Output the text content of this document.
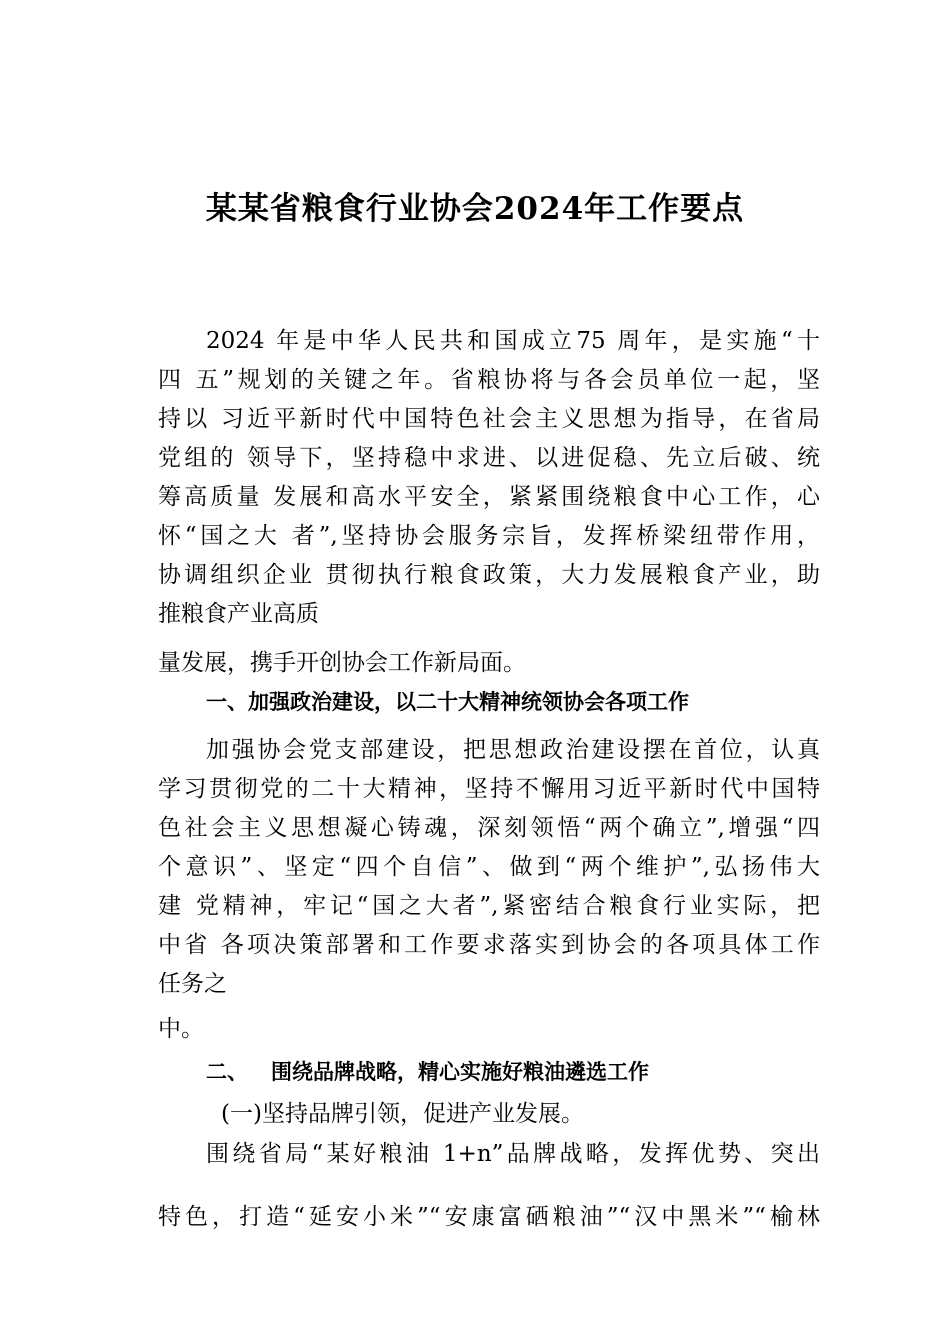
某某省粮食行业协会2024年工作要点
2024 年是中华人民共和国成立75 周年，是实施“十
四 五”规划的关键之年。省粮协将与各会员单位一起，坚
持以 习近平新时代中国特色社会主义思想为指导，在省局
党组的 领导下，坚持稳中求进、以进促稳、先立后破、统
筹高质量 发展和高水平安全，紧紧围绕粮食中心工作，心
怀“国之大 者”,坚持协会服务宗旨，发挥桥梁纽带作用，
协调组织企业 贯彻执行粮食政策，大力发展粮食产业，助
推粮食产业高质
量发展，携手开创协会工作新局面。
一、加强政治建设，以二十大精神统领协会各项工作
加强协会党支部建设，把思想政治建设摆在首位，认真
学习贯彻党的二十大精神，坚持不懈用习近平新时代中国特
色社会主义思想凝心铸魂，深刻领悟“两个确立”,增强“四
个意识”、坚定“四个自信”、做到“两个维护”,弘扬伟大
建 党精神，牢记“国之大者”,紧密结合粮食行业实际，把
中省 各项决策部署和工作要求落实到协会的各项具体工作
任务之
中。
二、 围绕品牌战略，精心实施好粮油遴选工作
(一)坚持品牌引领，促进产业发展。
围绕省局“某好粮油 1+n”品牌战略，发挥优势、突出
特色，打造“延安小米”“安康富硒粮油”“汉中黑米”“榆林
